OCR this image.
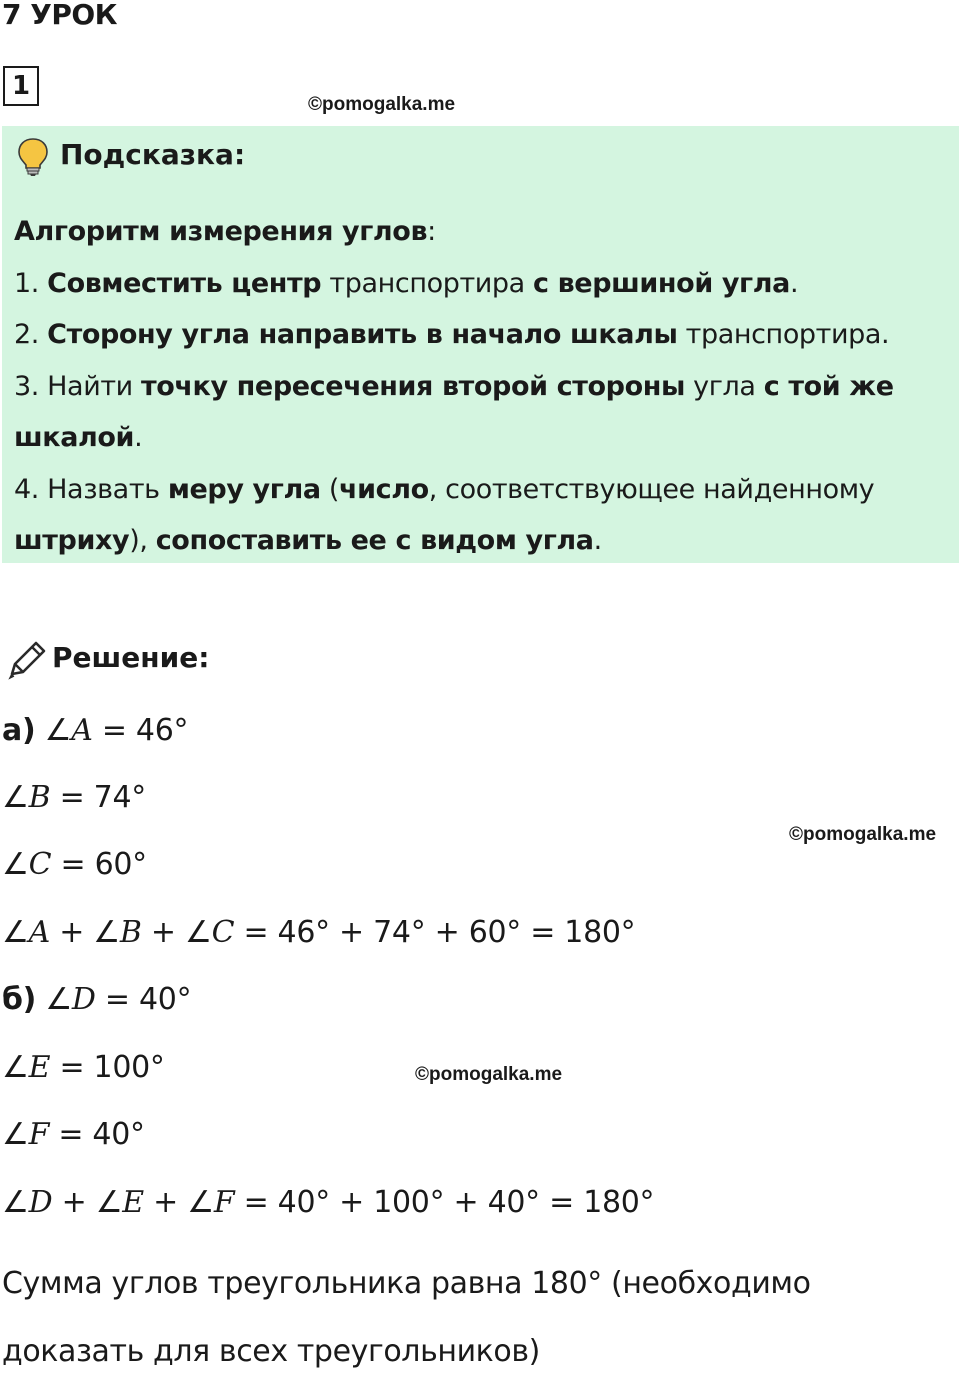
7 УРОК
1
©pomogalka.me
Подсказка:

Алгоритм измерения углов:

1. Совместить центр транспортира с вершиной угла.

2. Сторону угла направить в начало шкалы транспортира.

3. Найти точку пересечения второй стороны угла с той же шкалой.

4. Назвать меру угла (число, соответствующее найденному штриху), сопоставить ее с видом угла.

Решение:
а) ∠A = 46°
∠B = 74°
∠C = 60°
©pomogalka.me
∠A + ∠B + ∠C = 46° + 74° + 60° = 180°
б) ∠D = 40°
∠E = 100°	©pomogalka.me
∠F = 40°
∠D + ∠E + ∠F = 40° + 100° + 40° = 180°
Сумма углов треугольника равна 180° (необходимо доказать для всех треугольников)
